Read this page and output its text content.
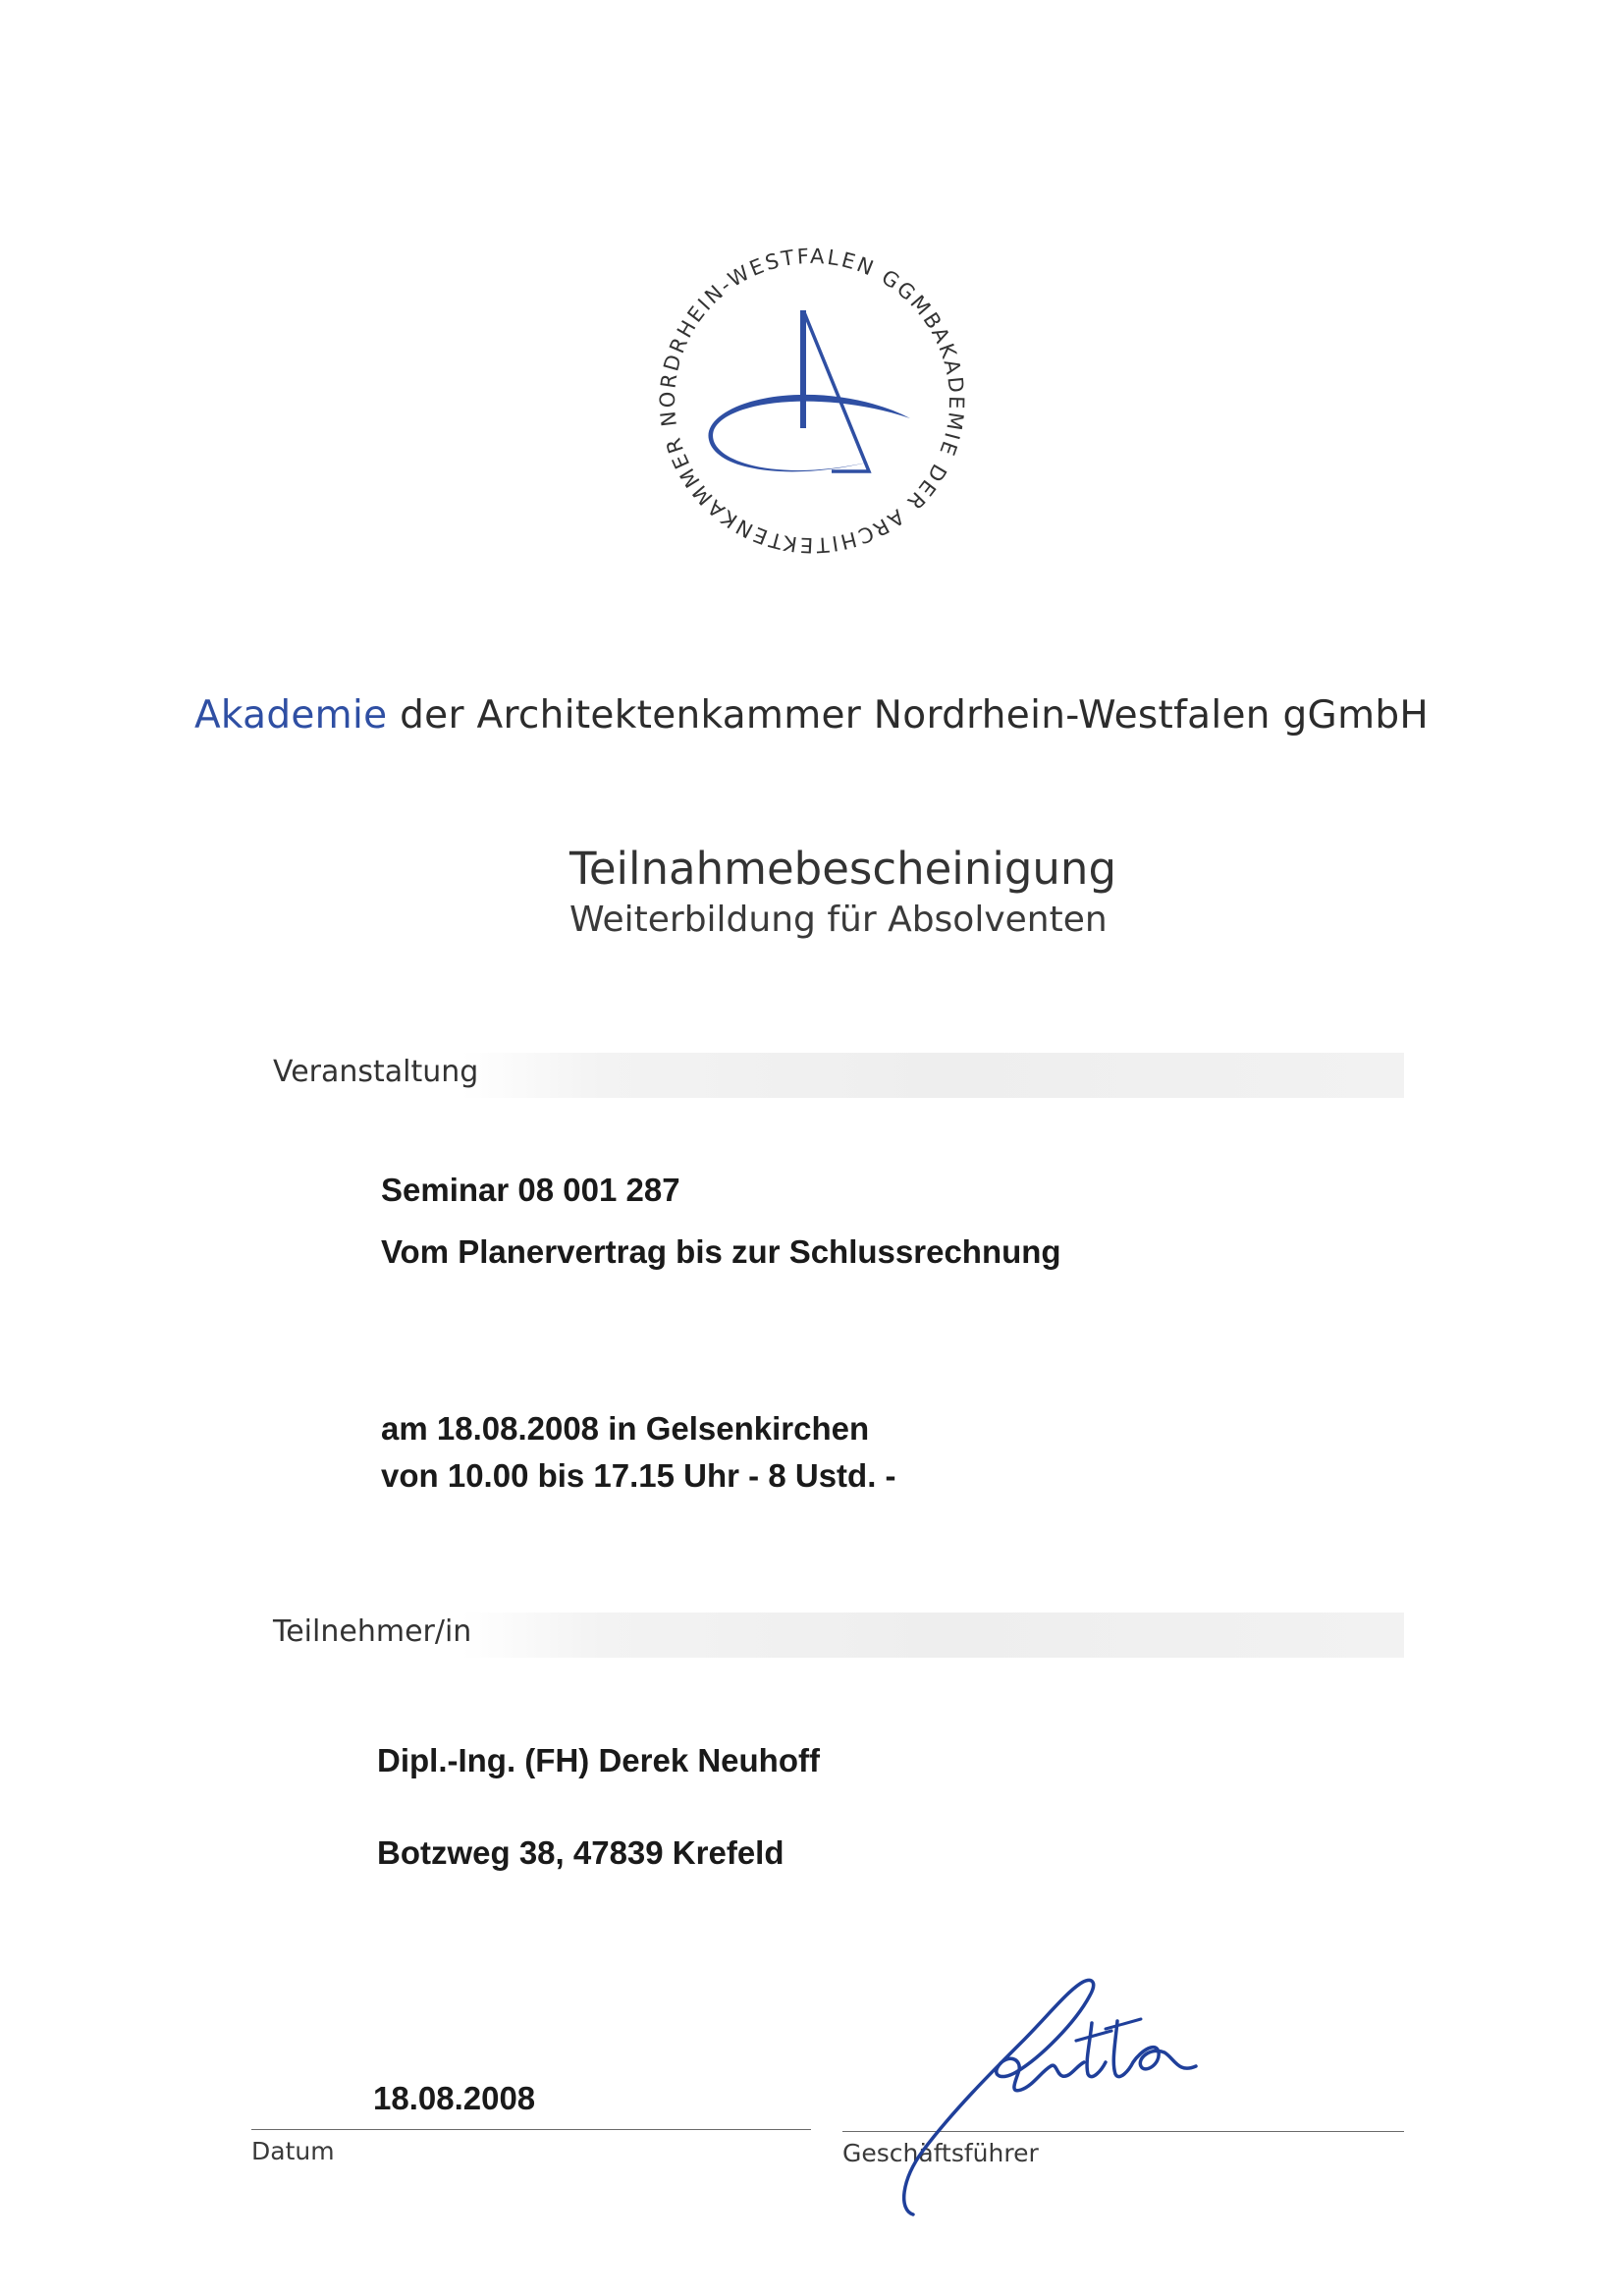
AKADEMIE DER ARCHITEKTENKAMMER NORDRHEIN-WESTFALEN GGMBH
Akademie der Architektenkammer Nordrhein-Westfalen gGmbH
Teilnahmebescheinigung
Weiterbildung für Absolventen
Veranstaltung
Seminar 08 001 287
Vom Planervertrag bis zur Schlussrechnung
am 18.08.2008 in Gelsenkirchen
von 10.00 bis 17.15 Uhr - 8 Ustd. -
Teilnehmer/in
Dipl.-Ing. (FH) Derek Neuhoff
Botzweg 38, 47839 Krefeld
18.08.2008
Datum	Geschäftsführer
